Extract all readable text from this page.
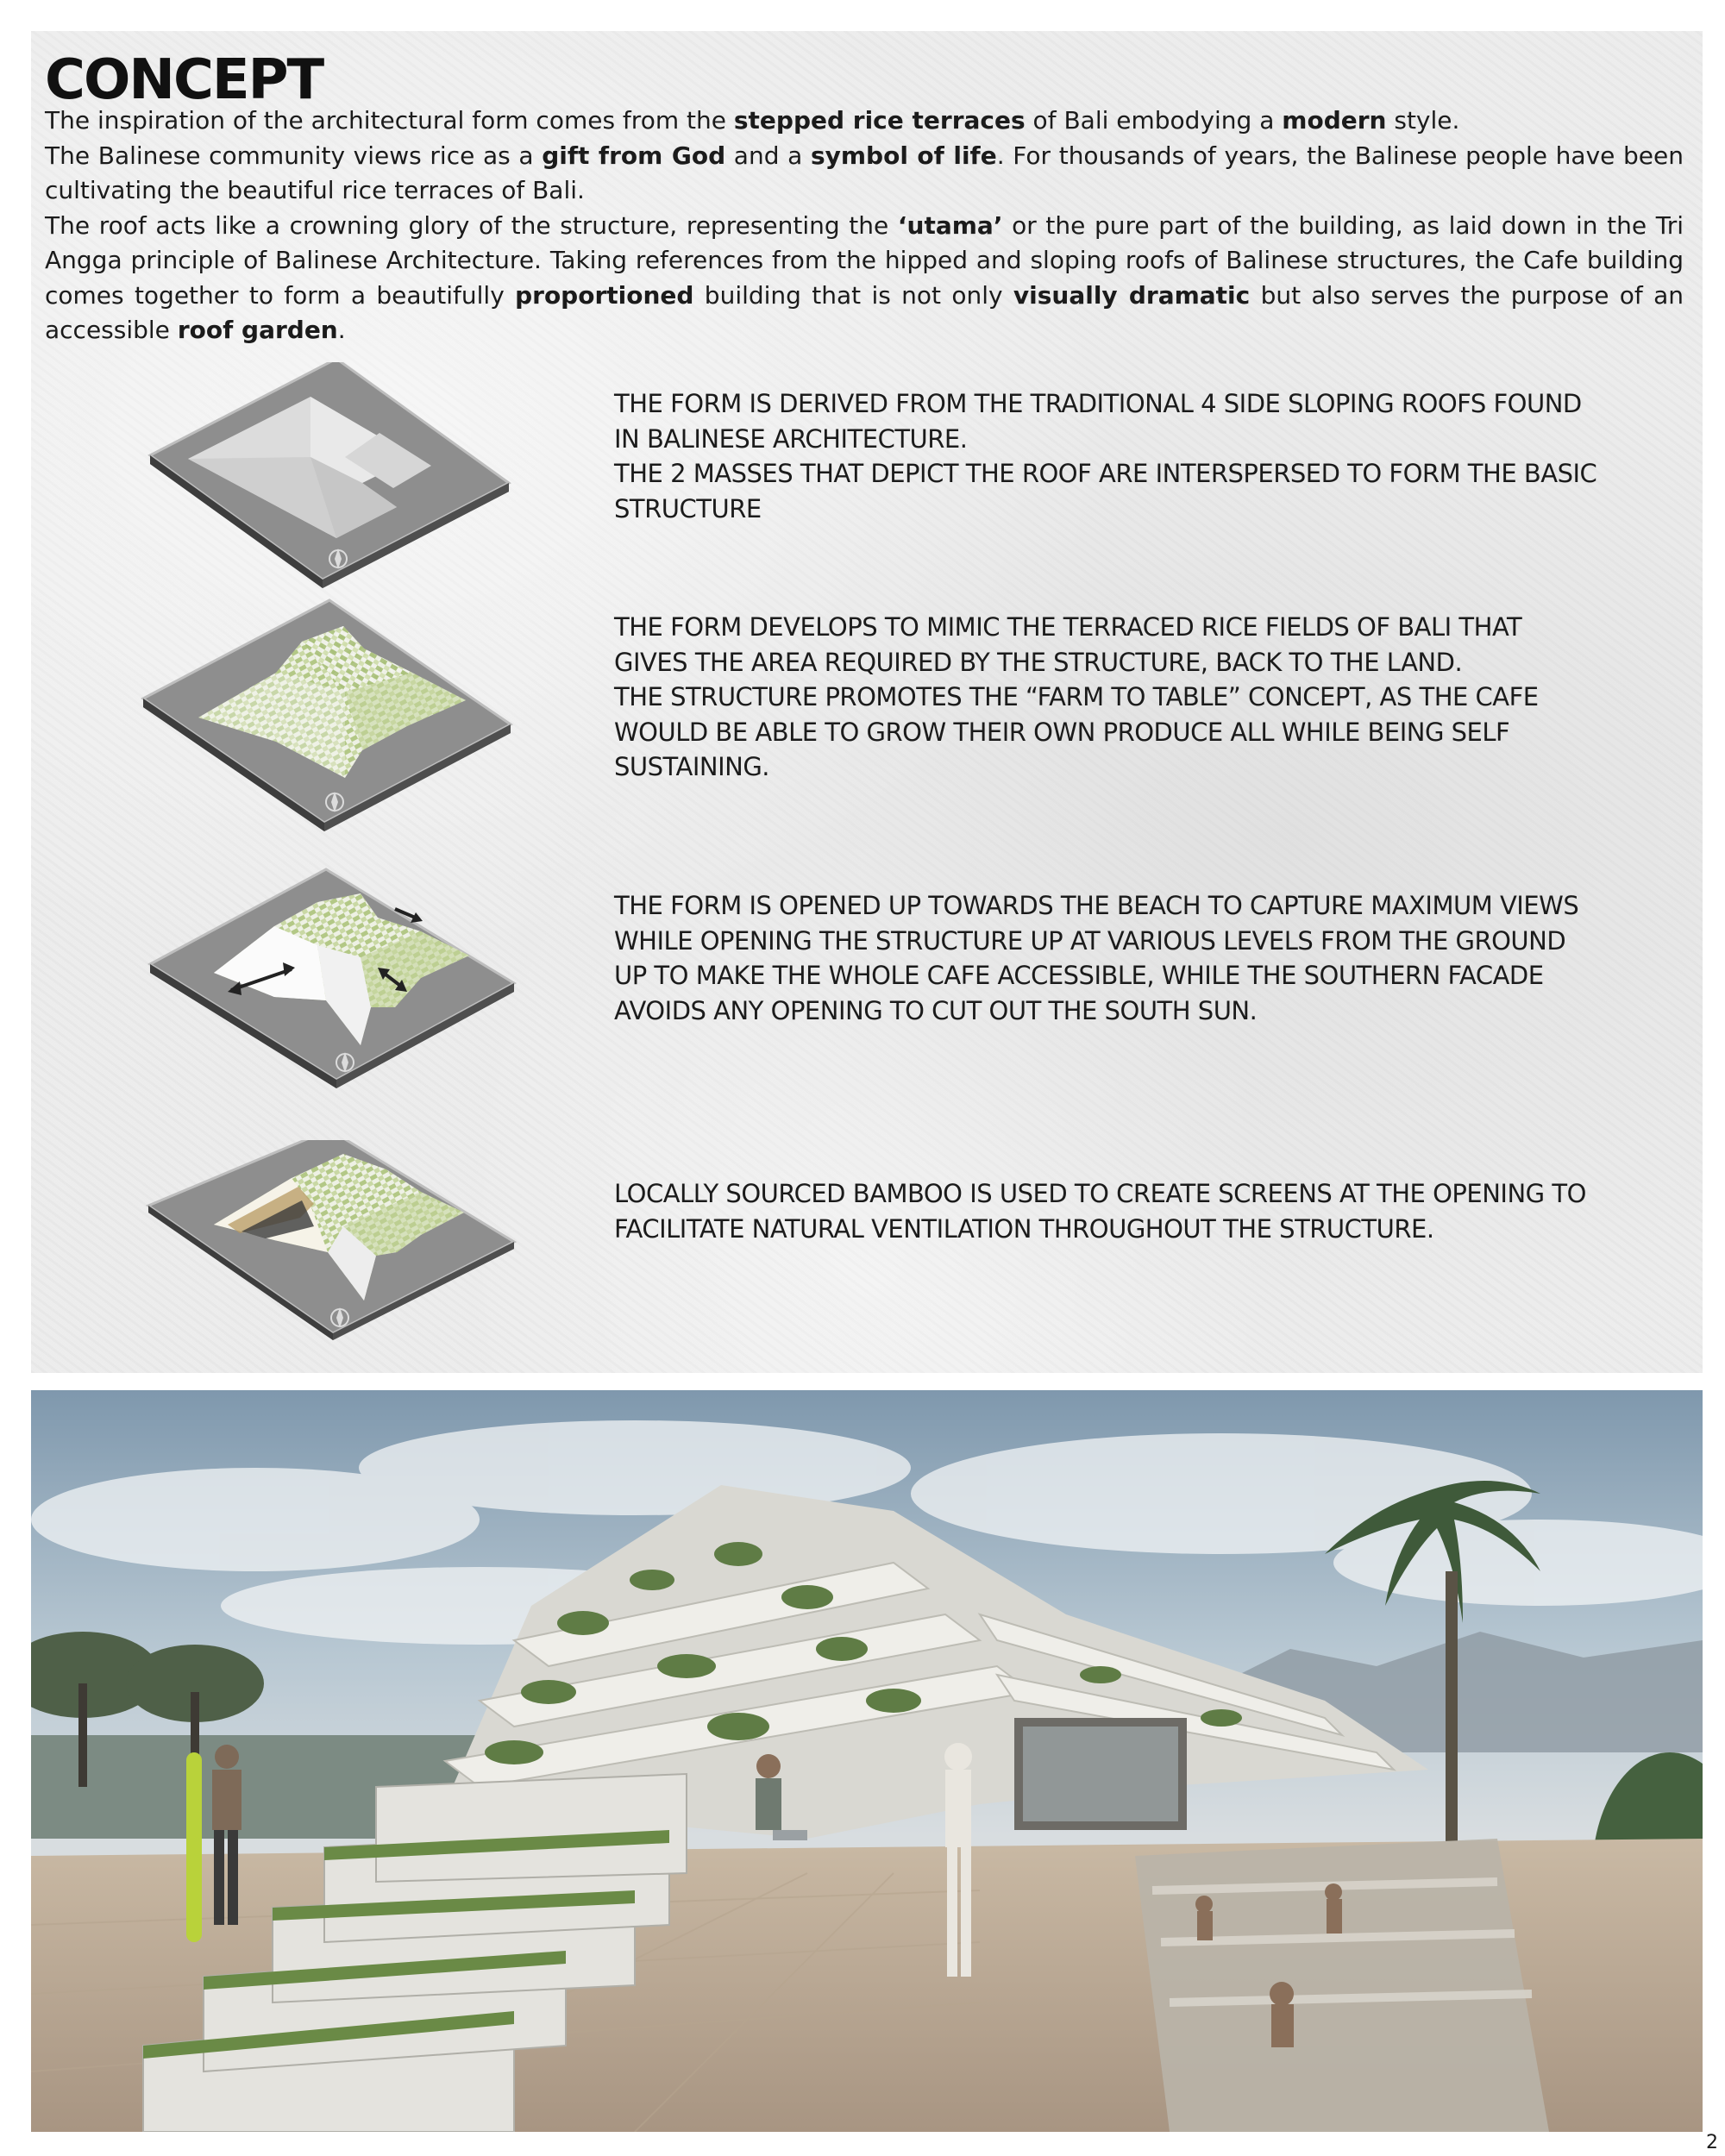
CONCEPT

The inspiration of the architectural form comes from the stepped rice terraces of Bali embodying a modern style.

The Balinese community views rice as a gift from God and a symbol of life. For thousands of years, the Balinese people have been cultivating the beautiful rice terraces of Bali.

The roof acts like a crowning glory of the structure, representing the ‘utama’ or the pure part of the building, as laid down in the Tri Angga principle of Balinese Architecture. Taking references from the hipped and sloping roofs of Balinese structures, the Cafe building comes together to form a beautifully proportioned building that is not only visually dramatic but also serves the purpose of an accessible roof garden.

THE FORM IS DERIVED FROM THE TRADITIONAL 4 SIDE SLOPING ROOFS FOUND IN BALINESE ARCHITECTURE.

THE 2 MASSES THAT DEPICT THE ROOF ARE INTERSPERSED TO FORM THE BASIC STRUCTURE

THE FORM DEVELOPS TO MIMIC THE TERRACED RICE FIELDS OF BALI THAT GIVES THE AREA REQUIRED BY THE STRUCTURE, BACK TO THE LAND.

THE STRUCTURE PROMOTES THE “FARM TO TABLE” CONCEPT, AS THE CAFE WOULD BE ABLE TO GROW THEIR OWN PRODUCE ALL WHILE BEING SELF SUSTAINING.

THE FORM IS OPENED UP TOWARDS THE BEACH TO CAPTURE MAXIMUM VIEWS WHILE OPENING THE STRUCTURE UP AT VARIOUS LEVELS FROM THE GROUND UP TO MAKE THE WHOLE CAFE ACCESSIBLE, WHILE THE SOUTHERN FACADE AVOIDS ANY OPENING TO CUT OUT THE SOUTH SUN.

LOCALLY SOURCED BAMBOO IS USED TO CREATE SCREENS AT THE OPENING TO FACILITATE NATURAL VENTILATION THROUGHOUT THE STRUCTURE.

2
